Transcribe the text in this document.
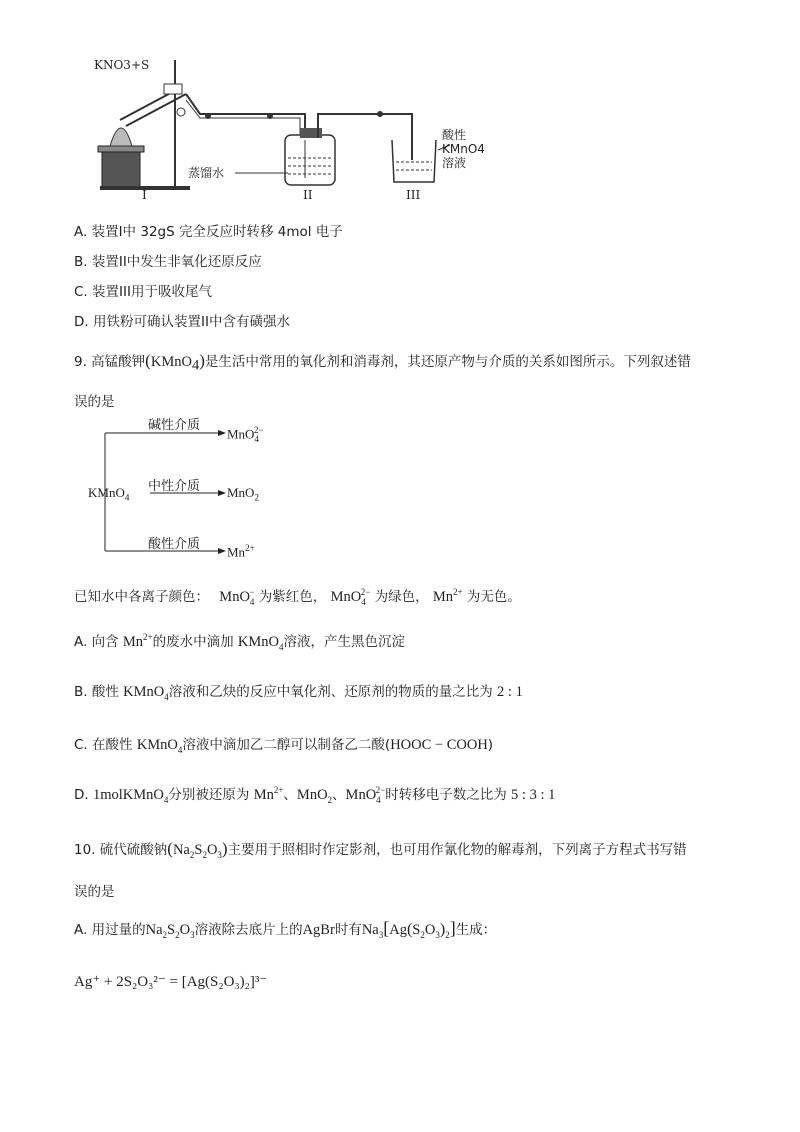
KNO3+S
蒸馏水
酸性
KMnO4
溶液
I	II	III
A. 装置I中 32gS 完全反应时转移 4mol 电子
B. 装置II中发生非氧化还原反应
C. 装置III用于吸收尾气
D. 用铁粉可确认装置II中含有磺强水
9. 高锰酸钾(KMnO$_4$)是生活中常用的氧化剂和消毒剂，其还原产物与介质的关系如图所示。下列叙述错
误的是
碱性介质
MnO$_4^{2-}$
中性介质
KMnO$_4$	MnO$_2$
酸性介质 $Mn^{2+}$
已知水中各离子颜色： MnO$_4$− 为紫红色， MnO$_4^{2-}$ 为绿色， $Mn^{2+}$ 为无色。
A. 向含 $Mn^{2+}$的废水中滴加 KMnO$_4$溶液，产生黑色沉淀
B. 酸性 KMnO$_4$溶液和乙炔的反应中氧化剂、还原剂的物质的量之比为 2 : 1
C. 在酸性 KMnO$_4$溶液中滴加乙二醇可以制备乙二酸(HOOC − COOH)
D. 1molKMnO$_4$分别被还原为 $Mn^{2+}$、MnO$_2$、MnO$_4^{2-}$时转移电子数之比为 5 : 3 : 1
10. 硫代硫酸钠$(Na_2S_2O_3)$主要用于照相时作定影剂，也可用作氰化物的解毒剂，下列离子方程式书写错
误的是
A. 用过量的$Na_2S_2O_3$溶液除去底片上的AgBr时有$Na_3[Ag(S_2O_3)_2]$生成：
Ag⁺ + 2S₂O₃²⁻ = [Ag(S₂O₃)₂]³⁻
